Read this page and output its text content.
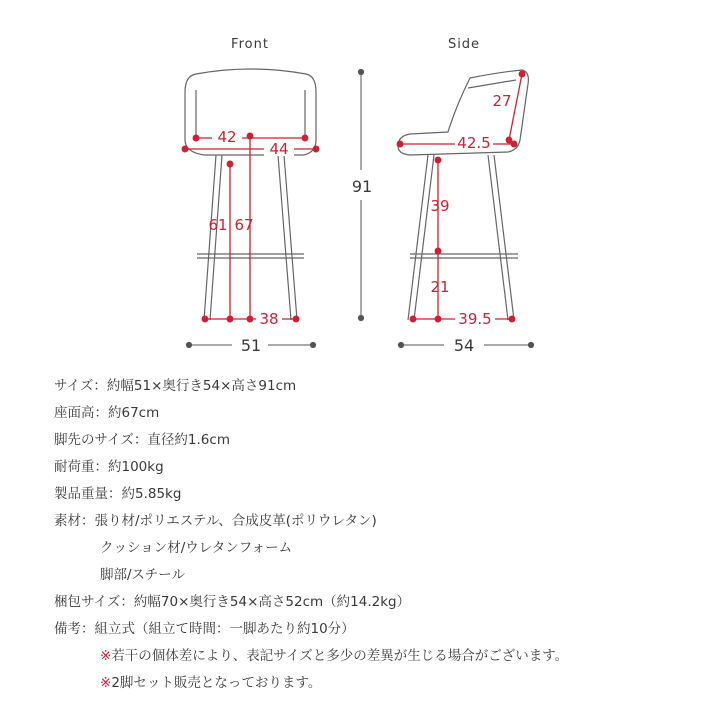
Front	Side
42
44
61 67
38
51
91
27
42.5
39
21
39.5
54
サイズ：約幅51×奥行き54×高さ91cm
座面高：約67cm
脚先のサイズ：直径約1.6cm
耐荷重：約100kg
製品重量：約5.85kg
素材：張り材/ポリエステル、合成皮革(ポリウレタン)
クッション材/ウレタンフォーム
脚部/スチール
梱包サイズ：約幅70×奥行き54×高さ52cm（約14.2kg）
備考：組立式（組立て時間：一脚あたり約10分）
※若干の個体差により、表記サイズと多少の差異が生じる場合がございます。
※2脚セット販売となっております。
